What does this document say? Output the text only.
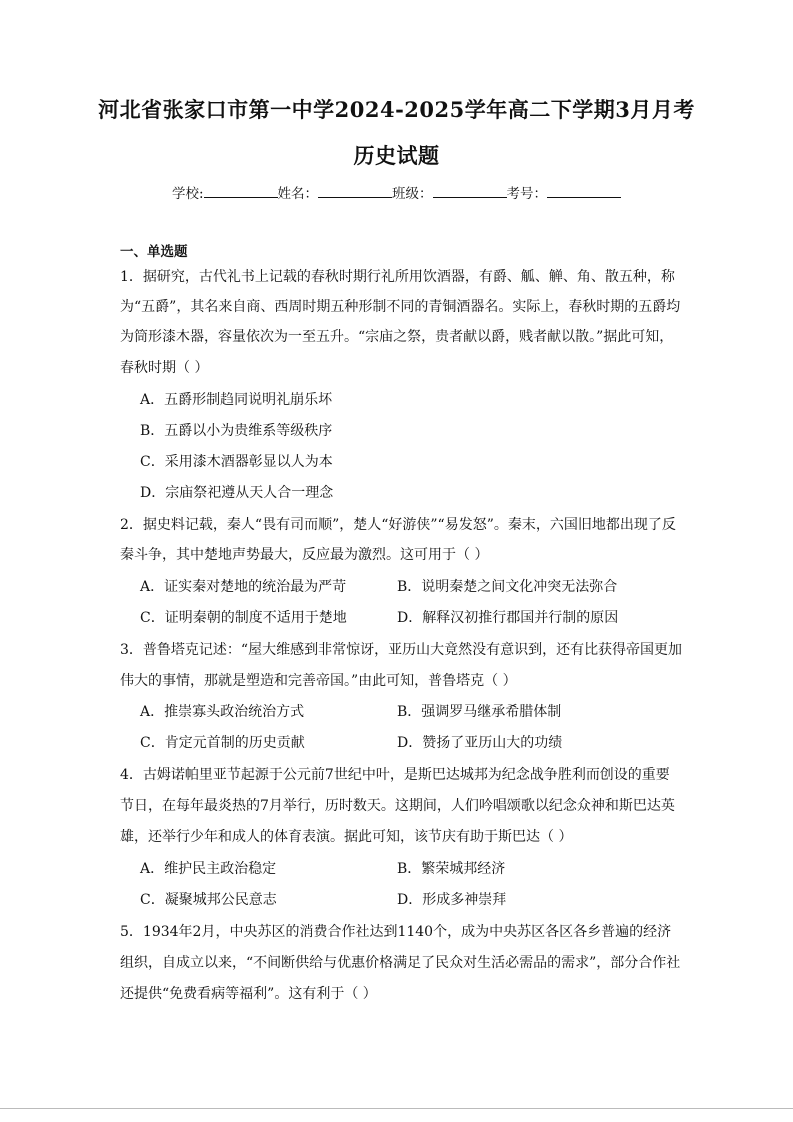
河北省张家口市第一中学2024-2025学年高二下学期3月月考
历史试题
学校:	姓名：	班级：	考号：
一、单选题
1．据研究，古代礼书上记载的春秋时期行礼所用饮酒器，有爵、觚、觯、角、散五种，称
为“五爵”，其名来自商、西周时期五种形制不同的青铜酒器名。实际上，春秋时期的五爵均
为筒形漆木器，容量依次为一至五升。“宗庙之祭，贵者献以爵，贱者献以散。”据此可知，
春秋时期（ ）
A．五爵形制趋同说明礼崩乐坏
B．五爵以小为贵维系等级秩序
C．采用漆木酒器彰显以人为本
D．宗庙祭祀遵从天人合一理念
2．据史料记载，秦人“畏有司而顺”，楚人“好游侠”“易发怒”。秦末，六国旧地都出现了反
秦斗争，其中楚地声势最大，反应最为激烈。这可用于（ ）
A．证实秦对楚地的统治最为严苛	B．说明秦楚之间文化冲突无法弥合
C．证明秦朝的制度不适用于楚地	D．解释汉初推行郡国并行制的原因
3．普鲁塔克记述：“屋大维感到非常惊讶，亚历山大竟然没有意识到，还有比获得帝国更加
伟大的事情，那就是塑造和完善帝国。”由此可知，普鲁塔克（ ）
A．推崇寡头政治统治方式	B．强调罗马继承希腊体制
C．肯定元首制的历史贡献	D．赞扬了亚历山大的功绩
4．古姆诺帕里亚节起源于公元前7世纪中叶，是斯巴达城邦为纪念战争胜利而创设的重要
节日，在每年最炎热的7月举行，历时数天。这期间，人们吟唱颂歌以纪念众神和斯巴达英
雄，还举行少年和成人的体育表演。据此可知，该节庆有助于斯巴达（ ）
A．维护民主政治稳定	B．繁荣城邦经济
C．凝聚城邦公民意志	D．形成多神崇拜
5．1934年2月，中央苏区的消费合作社达到1140个，成为中央苏区各区各乡普遍的经济
组织，自成立以来，“不间断供给与优惠价格满足了民众对生活必需品的需求”，部分合作社
还提供“免费看病等福利”。这有利于（ ）
